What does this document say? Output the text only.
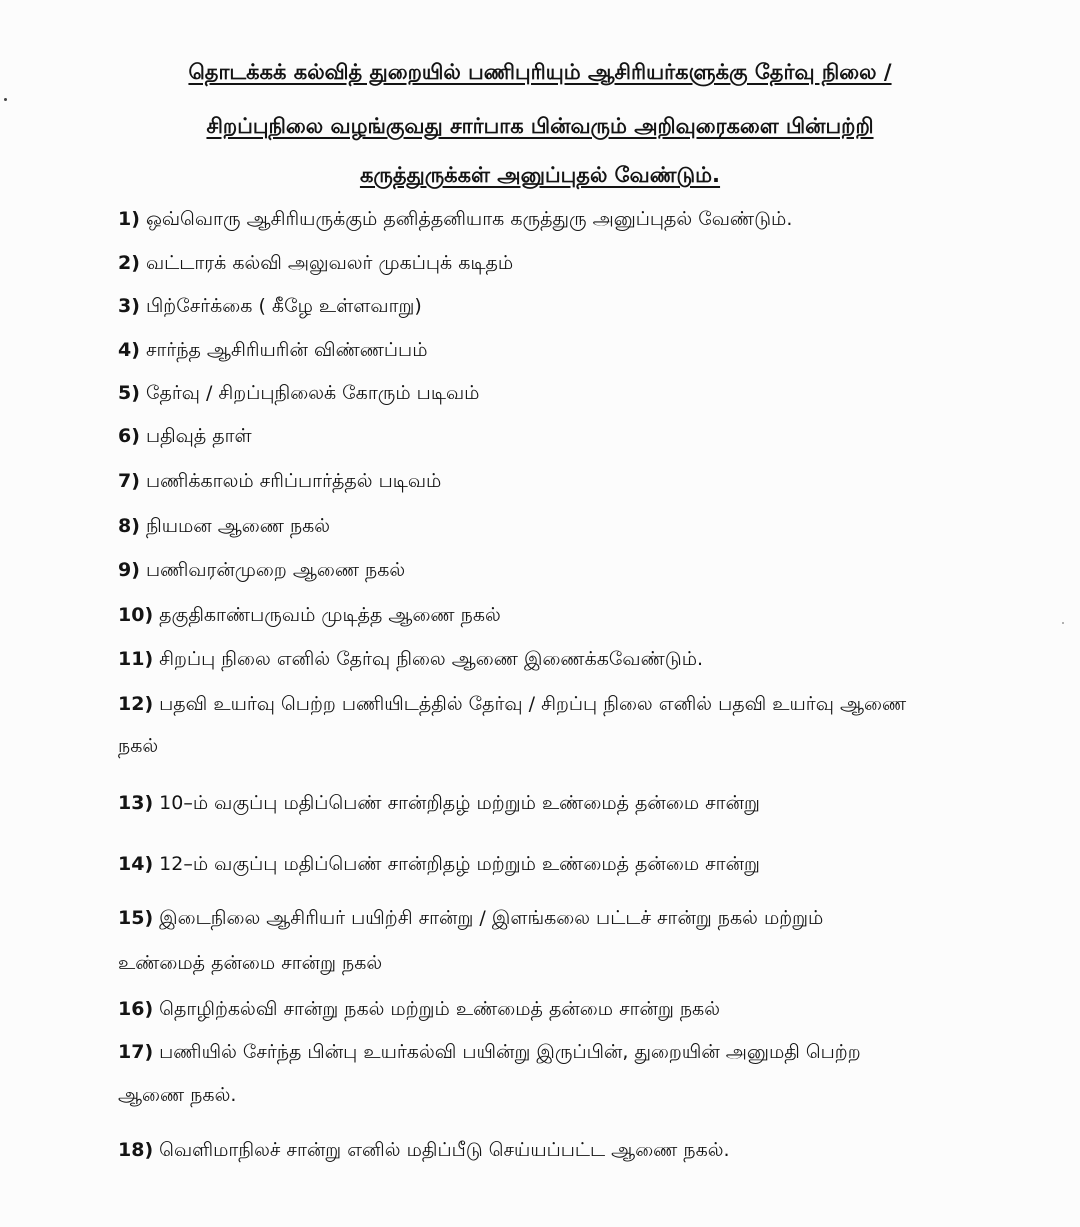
தொடக்கக் கல்வித் துறையில் பணிபுரியும் ஆசிரியர்களுக்கு தேர்வு நிலை /
சிறப்புநிலை வழங்குவது சார்பாக பின்வரும் அறிவுரைகளை பின்பற்றி
கருத்துருக்கள் அனுப்புதல் வேண்டும்.
1) ஒவ்வொரு ஆசிரியருக்கும் தனித்தனியாக கருத்துரு அனுப்புதல் வேண்டும்.
2) வட்டாரக் கல்வி அலுவலர் முகப்புக் கடிதம்
3) பிற்சேர்க்கை ( கீழே உள்ளவாறு)
4) சார்ந்த ஆசிரியரின் விண்ணப்பம்
5) தேர்வு / சிறப்புநிலைக் கோரும் படிவம்
6) பதிவுத் தாள்
7) பணிக்காலம் சரிப்பார்த்தல் படிவம்
8) நியமன ஆணை நகல்
9) பணிவரன்முறை ஆணை நகல்
10) தகுதிகாண்பருவம் முடித்த ஆணை நகல்
11) சிறப்பு நிலை எனில் தேர்வு நிலை ஆணை இணைக்கவேண்டும்.
12) பதவி உயர்வு பெற்ற பணியிடத்தில் தேர்வு / சிறப்பு நிலை எனில் பதவி உயர்வு ஆணை
நகல்
13) 10–ம் வகுப்பு மதிப்பெண் சான்றிதழ் மற்றும் உண்மைத் தன்மை சான்று
14) 12–ம் வகுப்பு மதிப்பெண் சான்றிதழ் மற்றும் உண்மைத் தன்மை சான்று
15) இடைநிலை ஆசிரியர் பயிற்சி சான்று / இளங்கலை பட்டச் சான்று நகல் மற்றும்
உண்மைத் தன்மை சான்று நகல்
16) தொழிற்கல்வி சான்று நகல் மற்றும் உண்மைத் தன்மை சான்று நகல்
17) பணியில் சேர்ந்த பின்பு உயர்கல்வி பயின்று இருப்பின், துறையின் அனுமதி பெற்ற
ஆணை நகல்.
18) வெளிமாநிலச் சான்று எனில் மதிப்பீடு செய்யப்பட்ட ஆணை நகல்.
